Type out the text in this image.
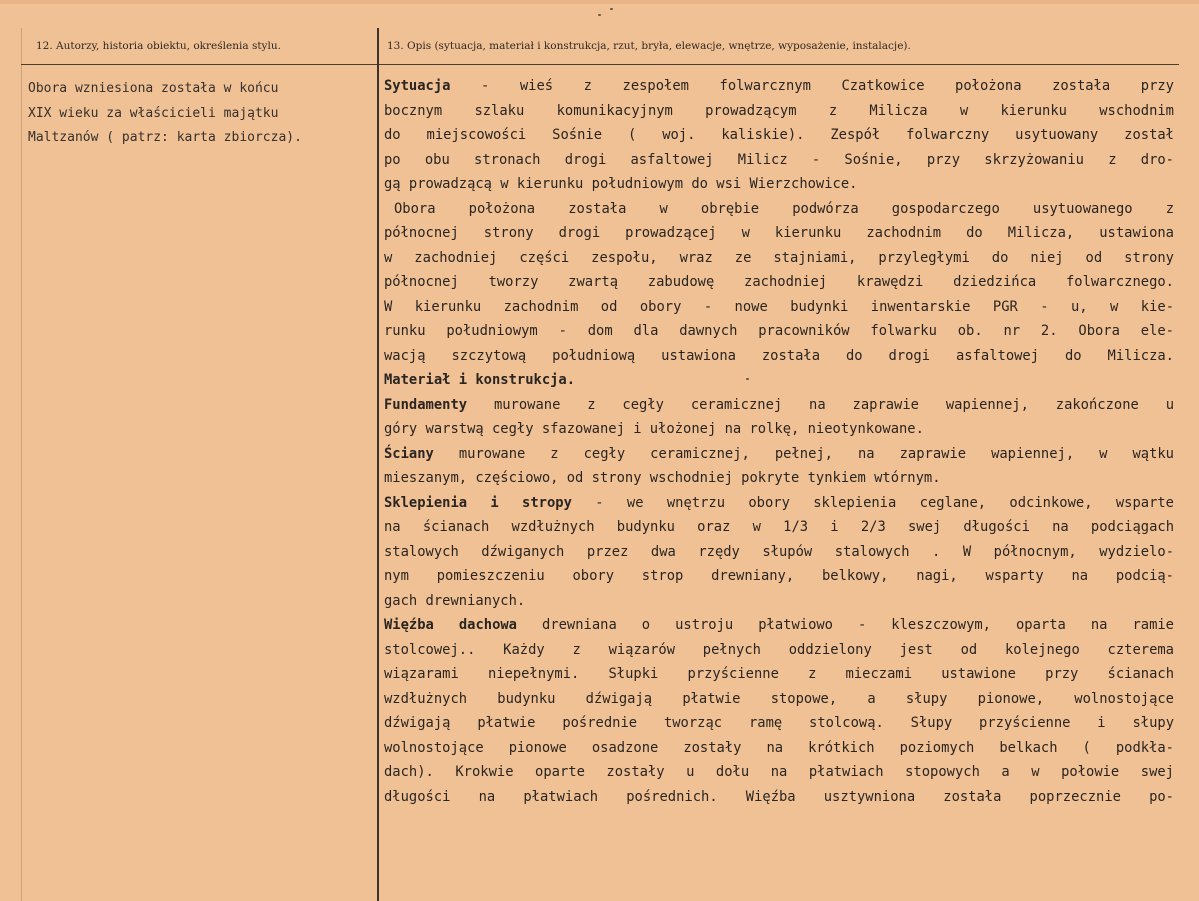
12. Autorzy, historia obiektu, określenia stylu.	13. Opis (sytuacja, materiał i konstrukcja, rzut, bryła, elewacje, wnętrze, wyposażenie, instalacje).
Obora wzniesiona została w końcu
XIX wieku za właścicieli majątku
Maltzanów ( patrz: karta zbiorcza).
Sytuacja - wieś z zespołem folwarcznym Czatkowice położona została przy
bocznym szlaku komunikacyjnym prowadzącym z Milicza w kierunku wschodnim
do miejscowości Sośnie ( woj. kaliskie). Zespół folwarczny usytuowany został
po obu stronach drogi asfaltowej Milicz - Sośnie, przy skrzyżowaniu z dro-
gą prowadzącą w kierunku południowym do wsi Wierzchowice.
Obora położona została w obrębie podwórza gospodarczego usytuowanego z
północnej strony drogi prowadzącej w kierunku zachodnim do Milicza, ustawiona
w zachodniej części zespołu, wraz ze stajniami, przyległymi do niej od strony
północnej tworzy zwartą zabudowę zachodniej krawędzi dziedzińca folwarcznego.
W kierunku zachodnim od obory - nowe budynki inwentarskie PGR - u, w kie-
runku południowym - dom dla dawnych pracowników folwarku ob. nr 2. Obora ele-
wacją szczytową południową ustawiona została do drogi asfaltowej do Milicza.
Materiał i konstrukcja.
Fundamenty murowane z cegły ceramicznej na zaprawie wapiennej, zakończone u
góry warstwą cegły sfazowanej i ułożonej na rolkę, nieotynkowane.
Ściany murowane z cegły ceramicznej, pełnej, na zaprawie wapiennej, w wątku
mieszanym, częściowo, od strony wschodniej pokryte tynkiem wtórnym.
Sklepienia i stropy - we wnętrzu obory sklepienia ceglane, odcinkowe, wsparte
na ścianach wzdłużnych budynku oraz w 1/3 i 2/3 swej długości na podciągach
stalowych dźwiganych przez dwa rzędy słupów stalowych . W północnym, wydzielo-
nym pomieszczeniu obory strop drewniany, belkowy, nagi, wsparty na podcią-
gach drewnianych.
Więźba dachowa drewniana o ustroju płatwiowo - kleszczowym, oparta na ramie
stolcowej.. Każdy z wiązarów pełnych oddzielony jest od kolejnego czterema
wiązarami niepełnymi. Słupki przyścienne z mieczami ustawione przy ścianach
wzdłużnych budynku dźwigają płatwie stopowe, a słupy pionowe, wolnostojące
dźwigają płatwie pośrednie tworząc ramę stolcową. Słupy przyścienne i słupy
wolnostojące pionowe osadzone zostały na krótkich poziomych belkach ( podkła-
dach). Krokwie oparte zostały u dołu na płatwiach stopowych a w połowie swej
długości na płatwiach pośrednich. Więźba usztywniona została poprzecznie po-
